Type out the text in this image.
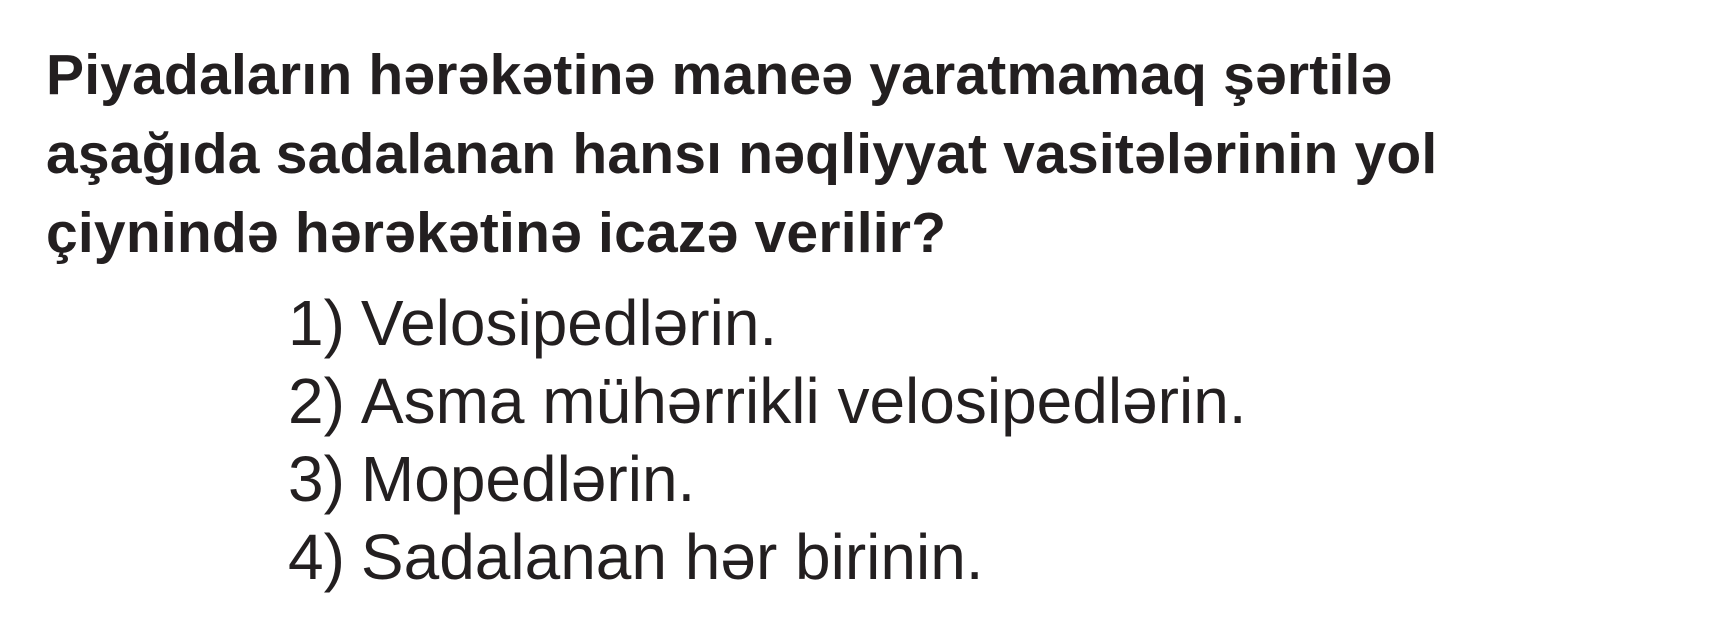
Piyadaların hərəkətinə maneə yaratmamaq şərtilə
aşağıda sadalanan hansı nəqliyyat vasitələrinin yol
çiynində hərəkətinə icazə verilir?
1) Velosipedlərin.
2) Asma mühərrikli velosipedlərin.
3) Mopedlərin.
4) Sadalanan hər birinin.
